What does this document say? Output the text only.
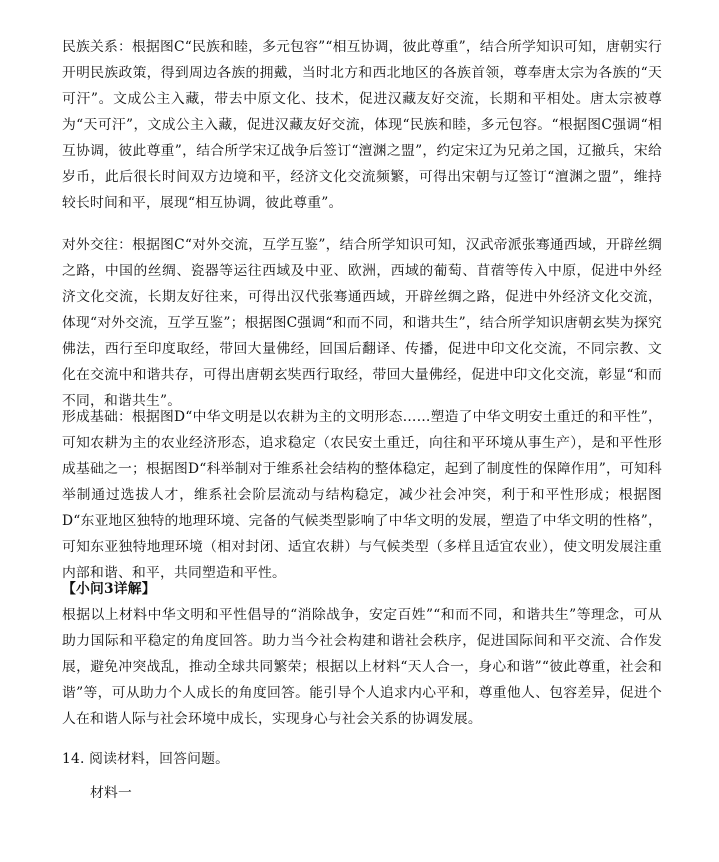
民族关系：根据图C“民族和睦，多元包容”“相互协调，彼此尊重”，结合所学知识可知，唐朝实行开明民族政策，得到周边各族的拥戴，当时北方和西北地区的各族首领，尊奉唐太宗为各族的“天可汗”。文成公主入藏，带去中原文化、技术，促进汉藏友好交流，长期和平相处。唐太宗被尊为“天可汗”，文成公主入藏，促进汉藏友好交流，体现“民族和睦，多元包容。“根据图C强调“相互协调，彼此尊重”，结合所学宋辽战争后签订“澶渊之盟”，约定宋辽为兄弟之国，辽撤兵，宋给岁币，此后很长时间双方边境和平，经济文化交流频繁，可得出宋朝与辽签订“澶渊之盟”，维持较长时间和平，展现“相互协调，彼此尊重”。

对外交往：根据图C“对外交流，互学互鉴”，结合所学知识可知，汉武帝派张骞通西域，开辟丝绸之路，中国的丝绸、瓷器等运往西域及中亚、欧洲，西域的葡萄、苜蓿等传入中原，促进中外经济文化交流，长期友好往来，可得出汉代张骞通西域，开辟丝绸之路，促进中外经济文化交流，体现“对外交流，互学互鉴”；根据图C强调“和而不同，和谐共生”，结合所学知识唐朝玄奘为探究佛法，西行至印度取经，带回大量佛经，回国后翻译、传播，促进中印文化交流，不同宗教、文化在交流中和谐共存，可得出唐朝玄奘西行取经，带回大量佛经，促进中印文化交流，彰显“和而不同，和谐共生”。

形成基础：根据图D“中华文明是以农耕为主的文明形态……塑造了中华文明安土重迁的和平性”，可知农耕为主的农业经济形态，追求稳定（农民安土重迁，向往和平环境从事生产），是和平性形成基础之一；根据图D“科举制对于维系社会结构的整体稳定，起到了制度性的保障作用”，可知科举制通过选拔人才，维系社会阶层流动与结构稳定，减少社会冲突，利于和平性形成；根据图D“东亚地区独特的地理环境、完备的气候类型影响了中华文明的发展，塑造了中华文明的性格”，可知东亚独特地理环境（相对封闭、适宜农耕）与气候类型（多样且适宜农业），使文明发展注重内部和谐、和平，共同塑造和平性。

【小问3详解】

根据以上材料中华文明和平性倡导的“消除战争，安定百姓”“和而不同，和谐共生”等理念，可从助力国际和平稳定的角度回答。助力当今社会构建和谐社会秩序，促进国际间和平交流、合作发展，避免冲突战乱，推动全球共同繁荣；根据以上材料“天人合一，身心和谐”“彼此尊重，社会和谐”等，可从助力个人成长的角度回答。能引导个人追求内心平和，尊重他人、包容差异，促进个人在和谐人际与社会环境中成长，实现身心与社会关系的协调发展。

14. 阅读材料，回答问题。

材料一
